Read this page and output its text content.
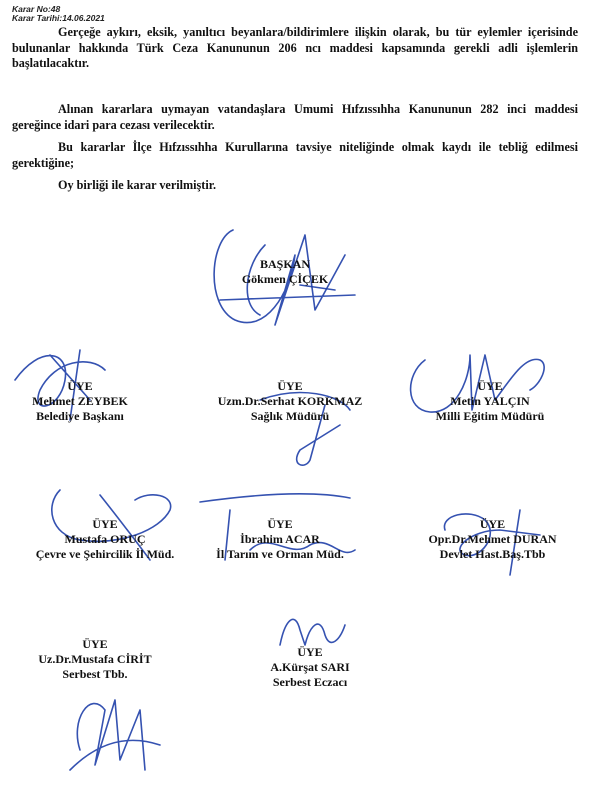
Karar No:48
Karar Tarihi:14.06.2021

Gerçeğe aykırı, eksik, yanıltıcı beyanlara/bildirimlere ilişkin olarak, bu tür eylemler içerisinde bulunanlar hakkında Türk Ceza Kanununun 206 ncı maddesi kapsamında gerekli adli işlemlerin başlatılacaktır.

Alınan kararlara uymayan vatandaşlara Umumi Hıfzıssıhha Kanununun 282 inci maddesi gereğince idari para cezası verilecektir.

Bu kararlar İlçe Hıfzıssıhha Kurullarına tavsiye niteliğinde olmak kaydı ile tebliğ edilmesi gerektiğine;

Oy birliği ile karar verilmiştir.

BAŞKAN
Gökmen ÇİÇEK
ÜYE
Mehmet ZEYBEK
Belediye Başkanı
ÜYE
Uzm.Dr.Serhat KORKMAZ
Sağlık Müdürü
ÜYE
Metin YALÇIN
Milli Eğitim Müdürü
ÜYE
Mustafa ORUÇ
Çevre ve Şehircilik İl Müd.
ÜYE
İbrahim ACAR
İl Tarım ve Orman Müd.
ÜYE
Opr.Dr.Mehmet DURAN
Devlet Hast.Baş.Tbb
ÜYE
Uz.Dr.Mustafa CİRİT
Serbest Tbb.
ÜYE
A.Kürşat SARI
Serbest Eczacı
